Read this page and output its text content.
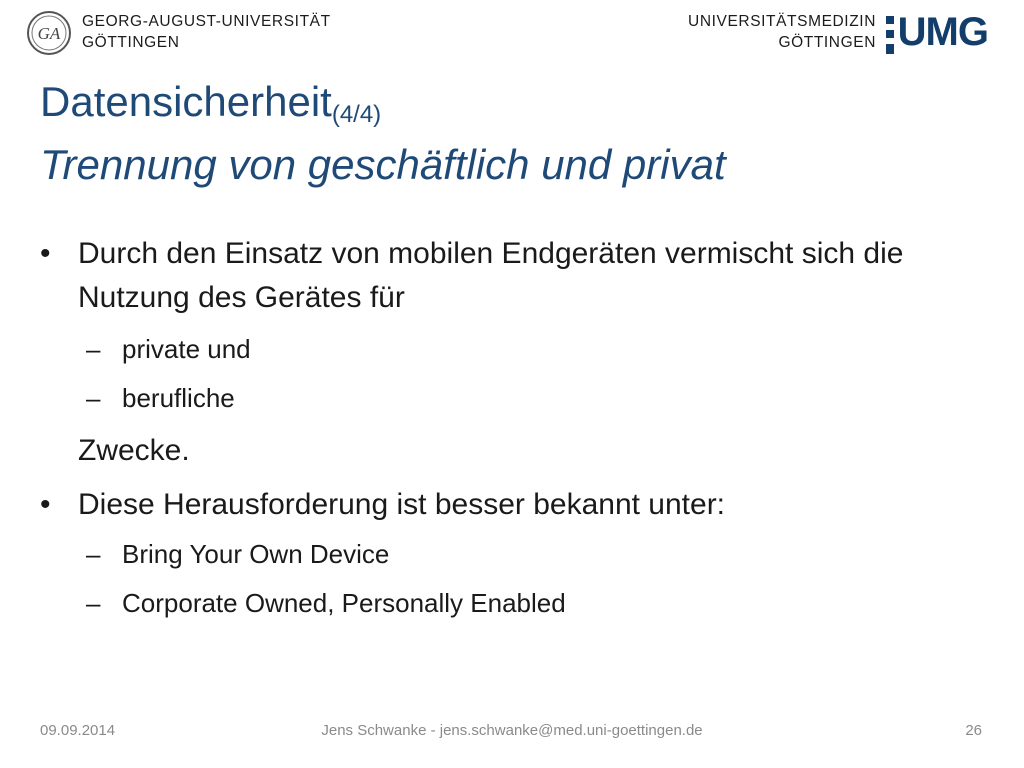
GA
GEORG-AUGUST-UNIVERSITÄT
GÖTTINGEN
UNIVERSITÄTSMEDIZIN
GÖTTINGEN UMG
Datensicherheit$_{(4/4)}$
Trennung von geschäftlich und privat
• Durch den Einsatz von mobilen Endgeräten vermischt sich die Nutzung des Gerätes für
– private und
– berufliche
Zwecke.
• Diese Herausforderung ist besser bekannt unter:
– Bring Your Own Device
– Corporate Owned, Personally Enabled
09.09.2014	Jens Schwanke - jens.schwanke@med.uni-goettingen.de	26
